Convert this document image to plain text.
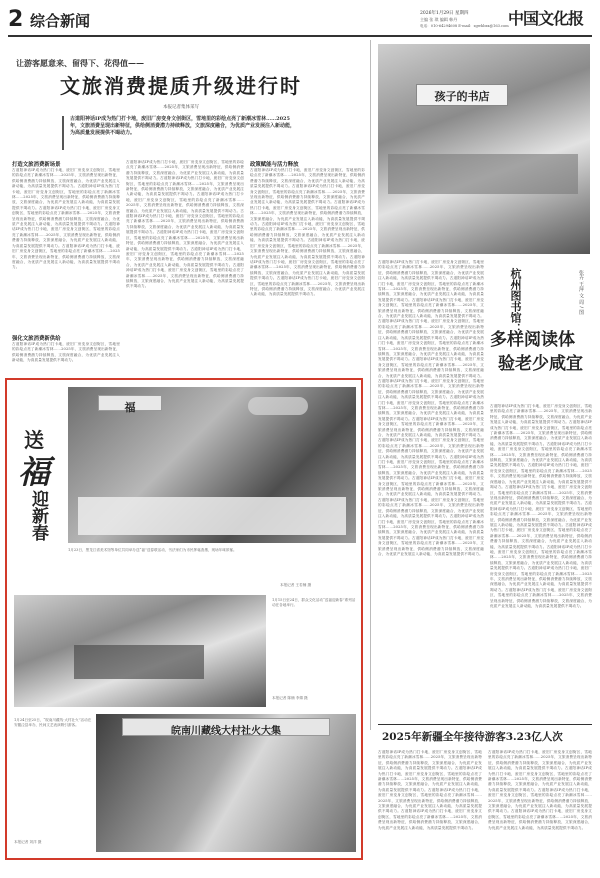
2 综合新闻	2026年1月29日 星期四
主编 张 琪 编辑 韩丹
电话：010-64294608 E-mail：zgwhbzx@163.com 中国文化报
让游客愿意来、留得下、花得值——
文旅消费提质升级进行时
本报记者集体采写
古道阳神话IP成为热门打卡地，废旧厂房变身文创街区，雪地里的彩绘点亮了新潮冰雪林……2025年，文旅消费呈现出新特征，供给侧消费潜力持续释放，文旅深度融合，为优质产业发展注入新动能，为高质量发展提供不竭动力。
打造文旅消费新场景
古道阳神话IP成为热门打卡地，废旧厂房变身文创街区，雪地里的彩绘点亮了新潮冰雪林……2025年，文旅消费呈现出新特征，供给侧消费潜力持续释放，文旅深度融合，为优质产业发展注入新动能，为高质量发展提供不竭动力。古道阳神话IP成为热门打卡地，废旧厂房变身文创街区，雪地里的彩绘点亮了新潮冰雪林……2025年，文旅消费呈现出新特征，供给侧消费潜力持续释放，文旅深度融合，为优质产业发展注入新动能，为高质量发展提供不竭动力。古道阳神话IP成为热门打卡地，废旧厂房变身文创街区，雪地里的彩绘点亮了新潮冰雪林……2025年，文旅消费呈现出新特征，供给侧消费潜力持续释放，文旅深度融合，为优质产业发展注入新动能，为高质量发展提供不竭动力。古道阳神话IP成为热门打卡地，废旧厂房变身文创街区，雪地里的彩绘点亮了新潮冰雪林……2025年，文旅消费呈现出新特征，供给侧消费潜力持续释放，文旅深度融合，为优质产业发展注入新动能，为高质量发展提供不竭动力。古道阳神话IP成为热门打卡地，废旧厂房变身文创街区，雪地里的彩绘点亮了新潮冰雪林……2025年，文旅消费呈现出新特征，供给侧消费潜力持续释放，文旅深度融合，为优质产业发展注入新动能，为高质量发展提供不竭动力。
强化文旅消费新供给
古道阳神话IP成为热门打卡地，废旧厂房变身文创街区，雪地里的彩绘点亮了新潮冰雪林……2025年，文旅消费呈现出新特征，供给侧消费潜力持续释放，文旅深度融合，为优质产业发展注入新动能，为高质量发展提供不竭动力。
古道阳神话IP成为热门打卡地，废旧厂房变身文创街区，雪地里的彩绘点亮了新潮冰雪林……2025年，文旅消费呈现出新特征，供给侧消费潜力持续释放，文旅深度融合，为优质产业发展注入新动能，为高质量发展提供不竭动力。古道阳神话IP成为热门打卡地，废旧厂房变身文创街区，雪地里的彩绘点亮了新潮冰雪林……2025年，文旅消费呈现出新特征，供给侧消费潜力持续释放，文旅深度融合，为优质产业发展注入新动能，为高质量发展提供不竭动力。古道阳神话IP成为热门打卡地，废旧厂房变身文创街区，雪地里的彩绘点亮了新潮冰雪林……2025年，文旅消费呈现出新特征，供给侧消费潜力持续释放，文旅深度融合，为优质产业发展注入新动能，为高质量发展提供不竭动力。古道阳神话IP成为热门打卡地，废旧厂房变身文创街区，雪地里的彩绘点亮了新潮冰雪林……2025年，文旅消费呈现出新特征，供给侧消费潜力持续释放，文旅深度融合，为优质产业发展注入新动能，为高质量发展提供不竭动力。古道阳神话IP成为热门打卡地，废旧厂房变身文创街区，雪地里的彩绘点亮了新潮冰雪林……2025年，文旅消费呈现出新特征，供给侧消费潜力持续释放，文旅深度融合，为优质产业发展注入新动能，为高质量发展提供不竭动力。古道阳神话IP成为热门打卡地，废旧厂房变身文创街区，雪地里的彩绘点亮了新潮冰雪林……2025年，文旅消费呈现出新特征，供给侧消费潜力持续释放，文旅深度融合，为优质产业发展注入新动能，为高质量发展提供不竭动力。古道阳神话IP成为热门打卡地，废旧厂房变身文创街区，雪地里的彩绘点亮了新潮冰雪林……2025年，文旅消费呈现出新特征，供给侧消费潜力持续释放，文旅深度融合，为优质产业发展注入新动能，为高质量发展提供不竭动力。
政策赋能与活力释放
古道阳神话IP成为热门打卡地，废旧厂房变身文创街区，雪地里的彩绘点亮了新潮冰雪林……2025年，文旅消费呈现出新特征，供给侧消费潜力持续释放，文旅深度融合，为优质产业发展注入新动能，为高质量发展提供不竭动力。古道阳神话IP成为热门打卡地，废旧厂房变身文创街区，雪地里的彩绘点亮了新潮冰雪林……2025年，文旅消费呈现出新特征，供给侧消费潜力持续释放，文旅深度融合，为优质产业发展注入新动能，为高质量发展提供不竭动力。古道阳神话IP成为热门打卡地，废旧厂房变身文创街区，雪地里的彩绘点亮了新潮冰雪林……2025年，文旅消费呈现出新特征，供给侧消费潜力持续释放，文旅深度融合，为优质产业发展注入新动能，为高质量发展提供不竭动力。古道阳神话IP成为热门打卡地，废旧厂房变身文创街区，雪地里的彩绘点亮了新潮冰雪林……2025年，文旅消费呈现出新特征，供给侧消费潜力持续释放，文旅深度融合，为优质产业发展注入新动能，为高质量发展提供不竭动力。古道阳神话IP成为热门打卡地，废旧厂房变身文创街区，雪地里的彩绘点亮了新潮冰雪林……2025年，文旅消费呈现出新特征，供给侧消费潜力持续释放，文旅深度融合，为优质产业发展注入新动能，为高质量发展提供不竭动力。古道阳神话IP成为热门打卡地，废旧厂房变身文创街区，雪地里的彩绘点亮了新潮冰雪林……2025年，文旅消费呈现出新特征，供给侧消费潜力持续释放，文旅深度融合，为优质产业发展注入新动能，为高质量发展提供不竭动力。古道阳神话IP成为热门打卡地，废旧厂房变身文创街区，雪地里的彩绘点亮了新潮冰雪林……2025年，文旅消费呈现出新特征，供给侧消费潜力持续释放，文旅深度融合，为优质产业发展注入新动能，为高质量发展提供不竭动力。
送
福
迎新春
福
1月23日，黑龙江省美术馆等单位共同举办送“福”送春联活动，书法家们为市民挥毫泼墨，现场年味浓郁。
本报记者 王若楠 摄
1月15日至24日，群众文化活动“送福迎新春”系列活动在各地举行。
本报记者 陈楠 李婧 摄
皖南川藏线大村社火大集
1月24日至25日，“皖南川藏线·大村社火”活动在安徽泾县举办，民间文艺表演吸引游客。
本报记者 刘洋 摄
孩子的书店
古道阳神话IP成为热门打卡地，废旧厂房变身文创街区，雪地里的彩绘点亮了新潮冰雪林……2025年，文旅消费呈现出新特征，供给侧消费潜力持续释放，文旅深度融合，为优质产业发展注入新动能，为高质量发展提供不竭动力。古道阳神话IP成为热门打卡地，废旧厂房变身文创街区，雪地里的彩绘点亮了新潮冰雪林……2025年，文旅消费呈现出新特征，供给侧消费潜力持续释放，文旅深度融合，为优质产业发展注入新动能，为高质量发展提供不竭动力。古道阳神话IP成为热门打卡地，废旧厂房变身文创街区，雪地里的彩绘点亮了新潮冰雪林……2025年，文旅消费呈现出新特征，供给侧消费潜力持续释放，文旅深度融合，为优质产业发展注入新动能，为高质量发展提供不竭动力。古道阳神话IP成为热门打卡地，废旧厂房变身文创街区，雪地里的彩绘点亮了新潮冰雪林……2025年，文旅消费呈现出新特征，供给侧消费潜力持续释放，文旅深度融合，为优质产业发展注入新动能，为高质量发展提供不竭动力。古道阳神话IP成为热门打卡地，废旧厂房变身文创街区，雪地里的彩绘点亮了新潮冰雪林……2025年，文旅消费呈现出新特征，供给侧消费潜力持续释放，文旅深度融合，为优质产业发展注入新动能，为高质量发展提供不竭动力。古道阳神话IP成为热门打卡地，废旧厂房变身文创街区，雪地里的彩绘点亮了新潮冰雪林……2025年，文旅消费呈现出新特征，供给侧消费潜力持续释放，文旅深度融合，为优质产业发展注入新动能，为高质量发展提供不竭动力。古道阳神话IP成为热门打卡地，废旧厂房变身文创街区，雪地里的彩绘点亮了新潮冰雪林……2025年，文旅消费呈现出新特征，供给侧消费潜力持续释放，文旅深度融合，为优质产业发展注入新动能，为高质量发展提供不竭动力。古道阳神话IP成为热门打卡地，废旧厂房变身文创街区，雪地里的彩绘点亮了新潮冰雪林……2025年，文旅消费呈现出新特征，供给侧消费潜力持续释放，文旅深度融合，为优质产业发展注入新动能，为高质量发展提供不竭动力。古道阳神话IP成为热门打卡地，废旧厂房变身文创街区，雪地里的彩绘点亮了新潮冰雪林……2025年，文旅消费呈现出新特征，供给侧消费潜力持续释放，文旅深度融合，为优质产业发展注入新动能，为高质量发展提供不竭动力。古道阳神话IP成为热门打卡地，废旧厂房变身文创街区，雪地里的彩绘点亮了新潮冰雪林……2025年，文旅消费呈现出新特征，供给侧消费潜力持续释放，文旅深度融合，为优质产业发展注入新动能，为高质量发展提供不竭动力。古道阳神话IP成为热门打卡地，废旧厂房变身文创街区，雪地里的彩绘点亮了新潮冰雪林……2025年，文旅消费呈现出新特征，供给侧消费潜力持续释放，文旅深度融合，为优质产业发展注入新动能，为高质量发展提供不竭动力。古道阳神话IP成为热门打卡地，废旧厂房变身文创街区，雪地里的彩绘点亮了新潮冰雪林……2025年，文旅消费呈现出新特征，供给侧消费潜力持续释放，文旅深度融合，为优质产业发展注入新动能，为高质量发展提供不竭动力。古道阳神话IP成为热门打卡地，废旧厂房变身文创街区，雪地里的彩绘点亮了新潮冰雪林……2025年，文旅消费呈现出新特征，供给侧消费潜力持续释放，文旅深度融合，为优质产业发展注入新动能，为高质量发展提供不竭动力。古道阳神话IP成为热门打卡地，废旧厂房变身文创街区，雪地里的彩绘点亮了新潮冰雪林……2025年，文旅消费呈现出新特征，供给侧消费潜力持续释放，文旅深度融合，为优质产业发展注入新动能，为高质量发展提供不竭动力。古道阳神话IP成为热门打卡地，废旧厂房变身文创街区，雪地里的彩绘点亮了新潮冰雪林……2025年，文旅消费呈现出新特征，供给侧消费潜力持续释放，文旅深度融合，为优质产业发展注入新动能，为高质量发展提供不竭动力。
杭州图书馆：
多样阅读体
验老少咸宜
张卉 王萍 文 周 / 图
古道阳神话IP成为热门打卡地，废旧厂房变身文创街区，雪地里的彩绘点亮了新潮冰雪林……2025年，文旅消费呈现出新特征，供给侧消费潜力持续释放，文旅深度融合，为优质产业发展注入新动能，为高质量发展提供不竭动力。古道阳神话IP成为热门打卡地，废旧厂房变身文创街区，雪地里的彩绘点亮了新潮冰雪林……2025年，文旅消费呈现出新特征，供给侧消费潜力持续释放，文旅深度融合，为优质产业发展注入新动能，为高质量发展提供不竭动力。古道阳神话IP成为热门打卡地，废旧厂房变身文创街区，雪地里的彩绘点亮了新潮冰雪林……2025年，文旅消费呈现出新特征，供给侧消费潜力持续释放，文旅深度融合，为优质产业发展注入新动能，为高质量发展提供不竭动力。古道阳神话IP成为热门打卡地，废旧厂房变身文创街区，雪地里的彩绘点亮了新潮冰雪林……2025年，文旅消费呈现出新特征，供给侧消费潜力持续释放，文旅深度融合，为优质产业发展注入新动能，为高质量发展提供不竭动力。古道阳神话IP成为热门打卡地，废旧厂房变身文创街区，雪地里的彩绘点亮了新潮冰雪林……2025年，文旅消费呈现出新特征，供给侧消费潜力持续释放，文旅深度融合，为优质产业发展注入新动能，为高质量发展提供不竭动力。古道阳神话IP成为热门打卡地，废旧厂房变身文创街区，雪地里的彩绘点亮了新潮冰雪林……2025年，文旅消费呈现出新特征，供给侧消费潜力持续释放，文旅深度融合，为优质产业发展注入新动能，为高质量发展提供不竭动力。古道阳神话IP成为热门打卡地，废旧厂房变身文创街区，雪地里的彩绘点亮了新潮冰雪林……2025年，文旅消费呈现出新特征，供给侧消费潜力持续释放，文旅深度融合，为优质产业发展注入新动能，为高质量发展提供不竭动力。古道阳神话IP成为热门打卡地，废旧厂房变身文创街区，雪地里的彩绘点亮了新潮冰雪林……2025年，文旅消费呈现出新特征，供给侧消费潜力持续释放，文旅深度融合，为优质产业发展注入新动能，为高质量发展提供不竭动力。古道阳神话IP成为热门打卡地，废旧厂房变身文创街区，雪地里的彩绘点亮了新潮冰雪林……2025年，文旅消费呈现出新特征，供给侧消费潜力持续释放，文旅深度融合，为优质产业发展注入新动能，为高质量发展提供不竭动力。古道阳神话IP成为热门打卡地，废旧厂房变身文创街区，雪地里的彩绘点亮了新潮冰雪林……2025年，文旅消费呈现出新特征，供给侧消费潜力持续释放，文旅深度融合，为优质产业发展注入新动能，为高质量发展提供不竭动力。
2025年新疆全年接待游客3.23亿人次
古道阳神话IP成为热门打卡地，废旧厂房变身文创街区，雪地里的彩绘点亮了新潮冰雪林……2025年，文旅消费呈现出新特征，供给侧消费潜力持续释放，文旅深度融合，为优质产业发展注入新动能，为高质量发展提供不竭动力。古道阳神话IP成为热门打卡地，废旧厂房变身文创街区，雪地里的彩绘点亮了新潮冰雪林……2025年，文旅消费呈现出新特征，供给侧消费潜力持续释放，文旅深度融合，为优质产业发展注入新动能，为高质量发展提供不竭动力。古道阳神话IP成为热门打卡地，废旧厂房变身文创街区，雪地里的彩绘点亮了新潮冰雪林……2025年，文旅消费呈现出新特征，供给侧消费潜力持续释放，文旅深度融合，为优质产业发展注入新动能，为高质量发展提供不竭动力。古道阳神话IP成为热门打卡地，废旧厂房变身文创街区，雪地里的彩绘点亮了新潮冰雪林……2025年，文旅消费呈现出新特征，供给侧消费潜力持续释放，文旅深度融合，为优质产业发展注入新动能，为高质量发展提供不竭动力。
古道阳神话IP成为热门打卡地，废旧厂房变身文创街区，雪地里的彩绘点亮了新潮冰雪林……2025年，文旅消费呈现出新特征，供给侧消费潜力持续释放，文旅深度融合，为优质产业发展注入新动能，为高质量发展提供不竭动力。古道阳神话IP成为热门打卡地，废旧厂房变身文创街区，雪地里的彩绘点亮了新潮冰雪林……2025年，文旅消费呈现出新特征，供给侧消费潜力持续释放，文旅深度融合，为优质产业发展注入新动能，为高质量发展提供不竭动力。古道阳神话IP成为热门打卡地，废旧厂房变身文创街区，雪地里的彩绘点亮了新潮冰雪林……2025年，文旅消费呈现出新特征，供给侧消费潜力持续释放，文旅深度融合，为优质产业发展注入新动能，为高质量发展提供不竭动力。古道阳神话IP成为热门打卡地，废旧厂房变身文创街区，雪地里的彩绘点亮了新潮冰雪林……2025年，文旅消费呈现出新特征，供给侧消费潜力持续释放，文旅深度融合，为优质产业发展注入新动能，为高质量发展提供不竭动力。
